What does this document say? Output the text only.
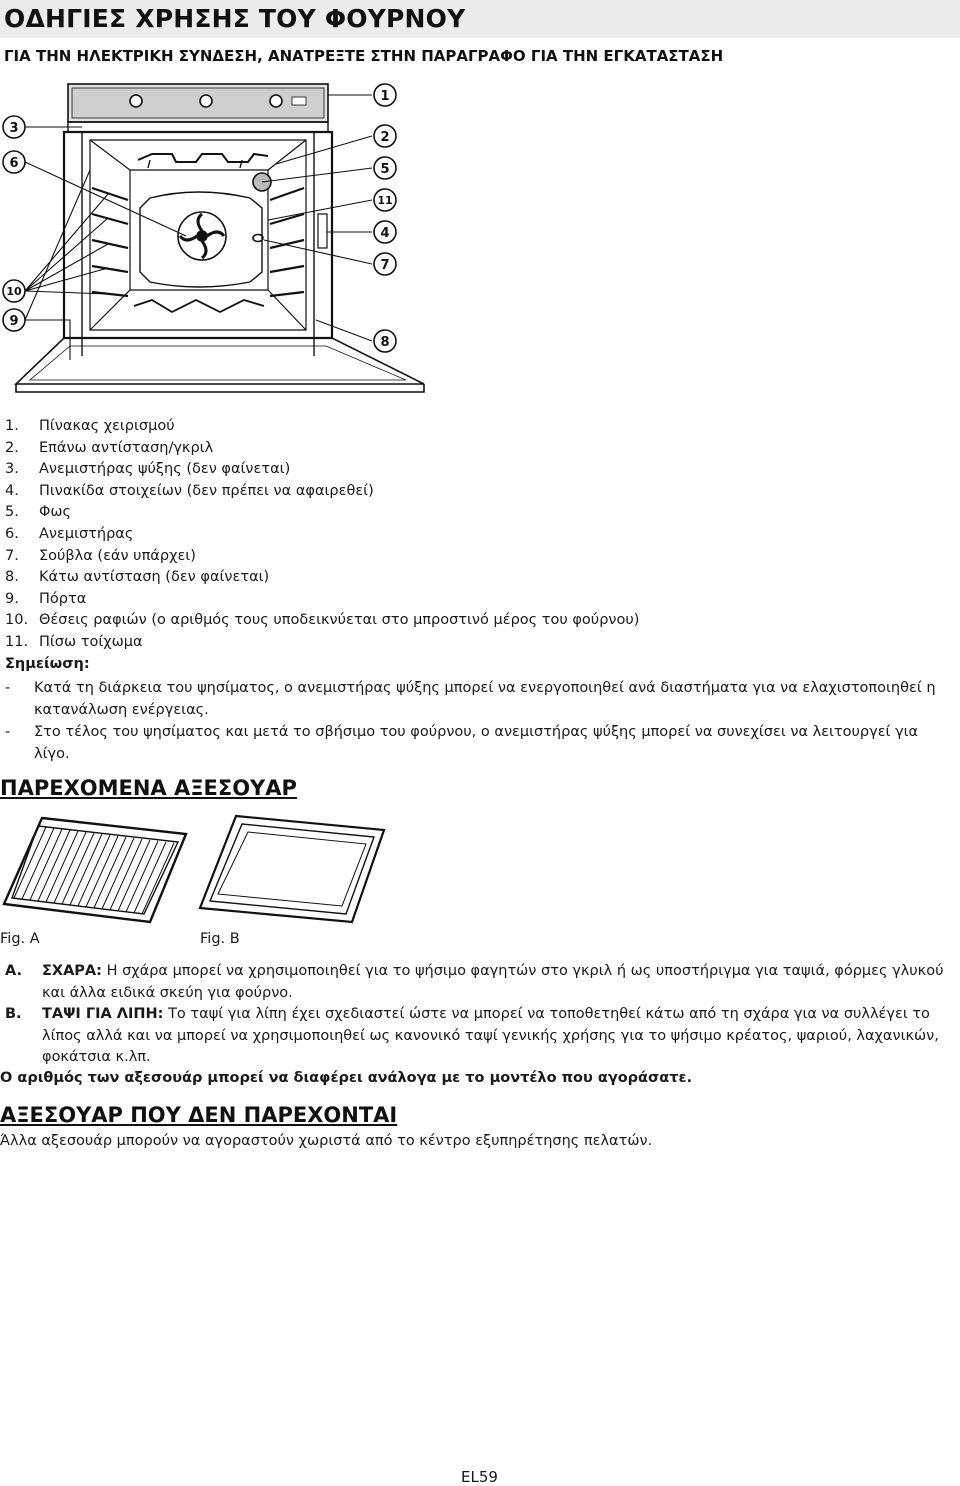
ΟΔΗΓΙΕΣ ΧΡΗΣΗΣ ΤΟΥ ΦΟΥΡΝΟΥ
ΓΙΑ ΤΗΝ ΗΛΕΚΤΡΙΚΗ ΣΥΝΔΕΣΗ, ΑΝΑΤΡΕΞΤΕ ΣΤΗΝ ΠΑΡΑΓΡΑΦΟ ΓΙΑ ΤΗΝ ΕΓΚΑΤΑΣΤΑΣΗ
1
2
5
11
4
7
8
3
6
10
9
1.	Πίνακας χειρισμού
2.	Επάνω αντίσταση/γκριλ
3.	Ανεμιστήρας ψύξης (δεν φαίνεται)
4.	Πινακίδα στοιχείων (δεν πρέπει να αφαιρεθεί)
5.	Φως
6.	Ανεμιστήρας
7.	Σούβλα (εάν υπάρχει)
8.	Κάτω αντίσταση (δεν φαίνεται)
9.	Πόρτα
10. Θέσεις ραφιών (ο αριθμός τους υποδεικνύεται στο μπροστινό μέρος του φούρνου)
11. Πίσω τοίχωμα
Σημείωση:
- Κατά τη διάρκεια του ψησίματος, ο ανεμιστήρας ψύξης μπορεί να ενεργοποιηθεί ανά διαστήματα για να ελαχιστοποιηθεί η κατανάλωση ενέργειας.
- Στο τέλος του ψησίματος και μετά το σβήσιμο του φούρνου, ο ανεμιστήρας ψύξης μπορεί να συνεχίσει να λειτουργεί για λίγο.
ΠΑΡΕΧΟΜΕΝΑ ΑΞΕΣΟΥΑΡ
Fig. A	Fig. B
A. ΣΧΑΡΑ: Η σχάρα μπορεί να χρησιμοποιηθεί για το ψήσιμο φαγητών στο γκριλ ή ως υποστήριγμα για ταψιά, φόρμες γλυκού και άλλα ειδικά σκεύη για φούρνο.
B. ΤΑΨΙ ΓΙΑ ΛΙΠΗ: Το ταψί για λίπη έχει σχεδιαστεί ώστε να μπορεί να τοποθετηθεί κάτω από τη σχάρα για να συλλέγει το λίπος αλλά και να μπορεί να χρησιμοποιηθεί ως κανονικό ταψί γενικής χρήσης για το ψήσιμο κρέατος, ψαριού, λαχανικών, φοκάτσια κ.λπ.
Ο αριθμός των αξεσουάρ μπορεί να διαφέρει ανάλογα με το μοντέλο που αγοράσατε.
ΑΞΕΣΟΥΑΡ ΠΟΥ ΔΕΝ ΠΑΡΕΧΟΝΤΑΙ
Άλλα αξεσουάρ μπορούν να αγοραστούν χωριστά από το κέντρο εξυπηρέτησης πελατών.
EL59
